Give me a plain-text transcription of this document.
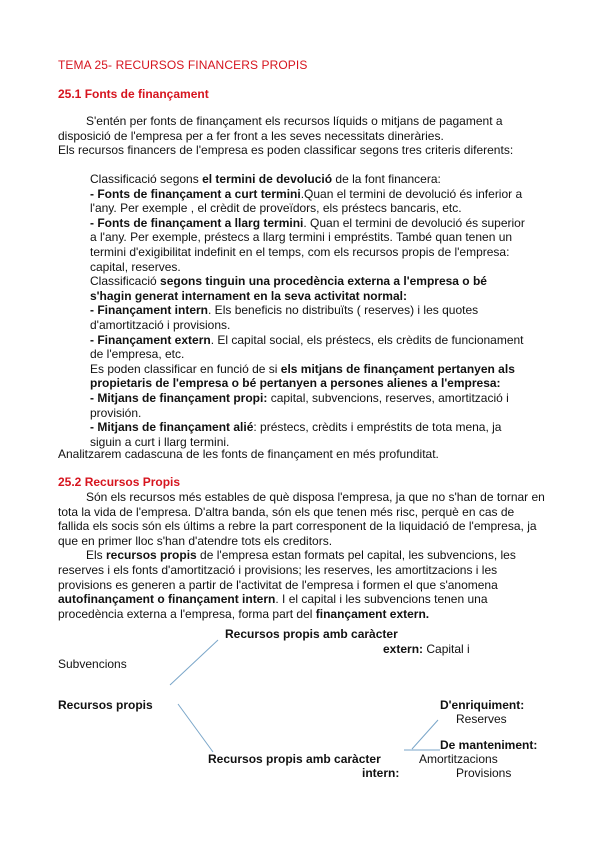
TEMA 25- RECURSOS FINANCERS PROPIS
25.1 Fonts de finançament

S'entén per fonts de finançament els recursos líquids o mitjans de pagament a disposició de l'empresa per a fer front a les seves necessitats dineràries.

Els recursos financers de l'empresa es poden classificar segons tres criteris diferents:

Classificació segons el termini de devolució de la font financera:

- Fonts de finançament a curt termini.Quan el termini de devolució és inferior a l'any. Per exemple , el crèdit de proveïdors, els préstecs bancaris, etc.

- Fonts de finançament a llarg termini. Quan el termini de devolució és superior a l'any. Per exemple, préstecs a llarg termini i empréstits. També quan tenen un termini d'exigibilitat indefinit en el temps, com els recursos propis de l'empresa: capital, reserves.

Classificació segons tinguin una procedència externa a l'empresa o bé s'hagin generat internament en la seva activitat normal:

- Finançament intern. Els beneficis no distribuïts ( reserves) i les quotes d'amortització i provisions.

- Finançament extern. El capital social, els préstecs, els crèdits de funcionament de l'empresa, etc.

Es poden classificar en funció de si els mitjans de finançament pertanyen als propietaris de l'empresa o bé pertanyen a persones alienes a l'empresa:

- Mitjans de finançament propi: capital, subvencions, reserves, amortització i provisión.

- Mitjans de finançament alié: préstecs, crèdits i empréstits de tota mena, ja siguin a curt i llarg termini.

Analitzarem cadascuna de les fonts de finançament en més profunditat.

25.2 Recursos Propis

Són els recursos més estables de què disposa l'empresa, ja que no s'han de tornar en tota la vida de l'empresa. D'altra banda, són els que tenen més risc, perquè en cas de fallida els socis són els últims a rebre la part corresponent de la liquidació de l'empresa, ja que en primer lloc s'han d'atendre tots els creditors.

Els recursos propis de l'empresa estan formats pel capital, les subvencions, les reserves i els fonts d'amortització i provisions; les reserves, les amortitzacions i les provisions es generen a partir de l'activitat de l'empresa i formen el que s'anomena autofinançament o finançament intern. I el capital i les subvencions tenen una procedència externa a l'empresa, forma part del finançament extern.

Recursos propis amb caràcter
extern: Capital i
Subvencions
Recursos propis	D'enriquiment:
Reserves
De manteniment:
Recursos propis amb caràcter	Amortitzacions
intern:	Provisions
